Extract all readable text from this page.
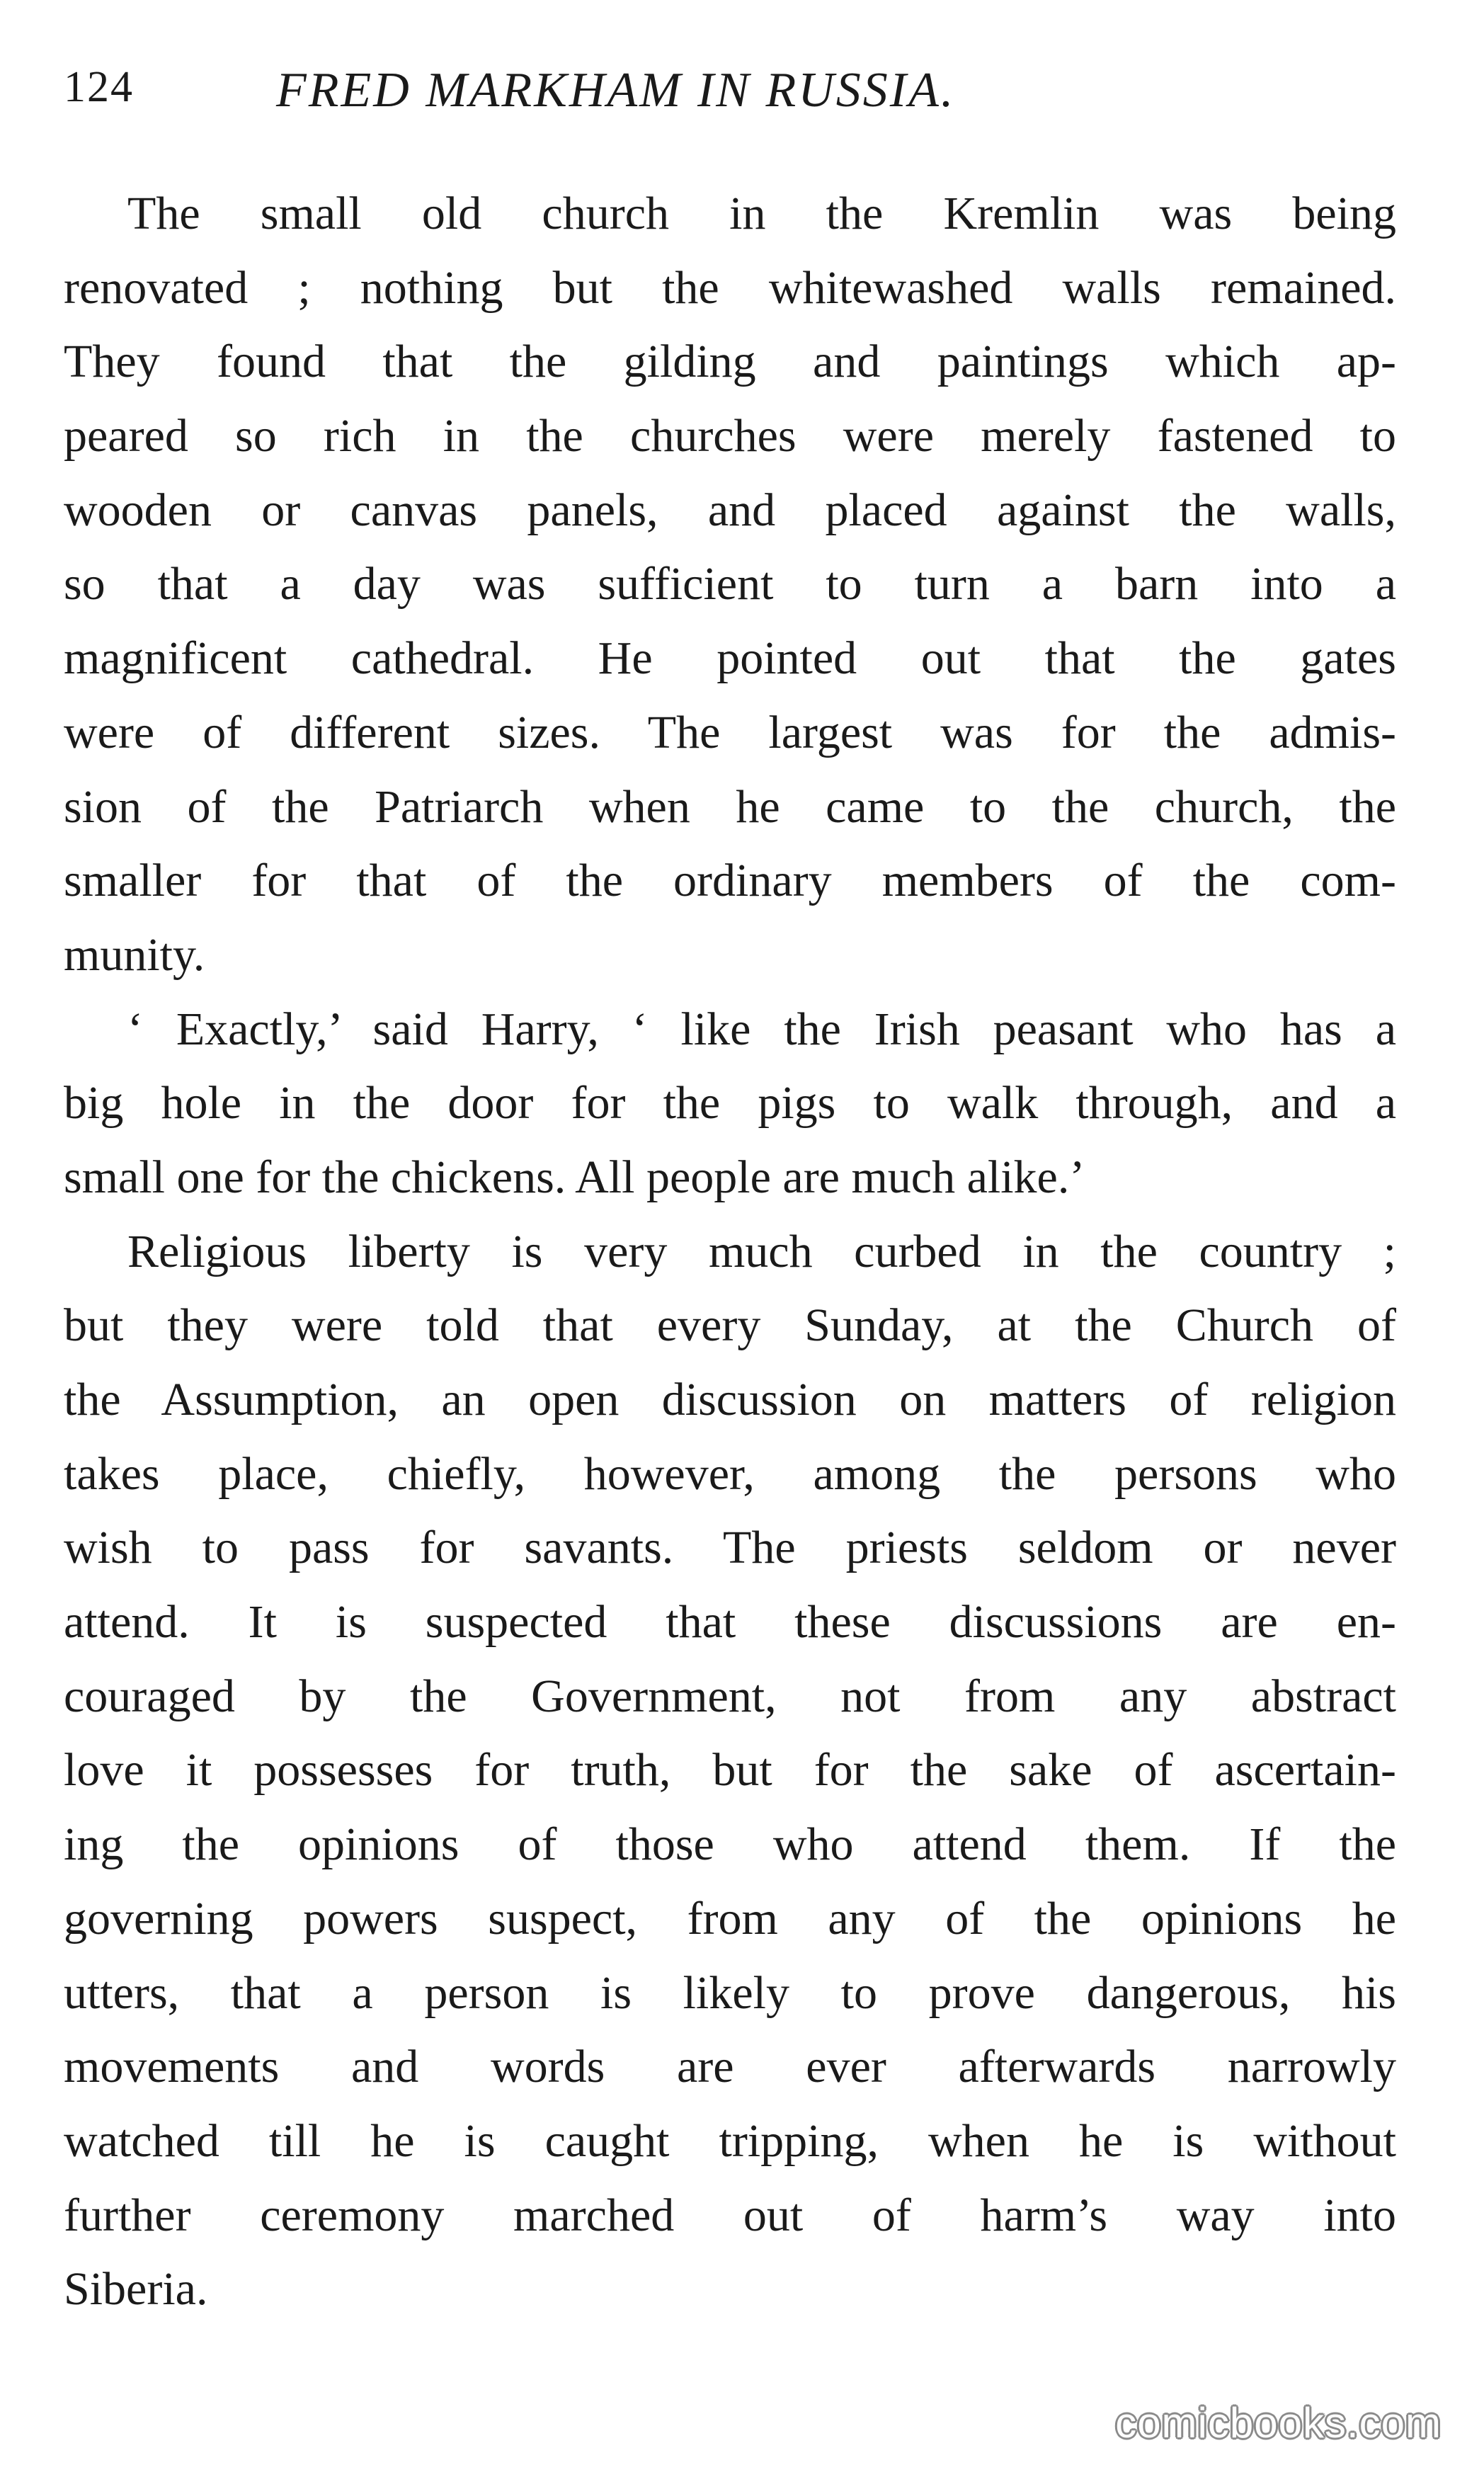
124	FRED MARKHAM IN RUSSIA.
The small old church in the Kremlin was being
renovated ; nothing but the whitewashed walls remained.
They found that the gilding and paintings which ap-
peared so rich in the churches were merely fastened to
wooden or canvas panels, and placed against the walls,
so that a day was sufficient to turn a barn into a
magnificent cathedral. He pointed out that the gates
were of different sizes. The largest was for the admis-
sion of the Patriarch when he came to the church, the
smaller for that of the ordinary members of the com-
munity.
‘ Exactly,’ said Harry, ‘ like the Irish peasant who has a
big hole in the door for the pigs to walk through, and a
small one for the chickens. All people are much alike.’
Religious liberty is very much curbed in the country ;
but they were told that every Sunday, at the Church of
the Assumption, an open discussion on matters of religion
takes place, chiefly, however, among the persons who
wish to pass for savants. The priests seldom or never
attend. It is suspected that these discussions are en-
couraged by the Government, not from any abstract
love it possesses for truth, but for the sake of ascertain-
ing the opinions of those who attend them. If the
governing powers suspect, from any of the opinions he
utters, that a person is likely to prove dangerous, his
movements and words are ever afterwards narrowly
watched till he is caught tripping, when he is without
further ceremony marched out of harm’s way into
Siberia.
comicbooks.com
